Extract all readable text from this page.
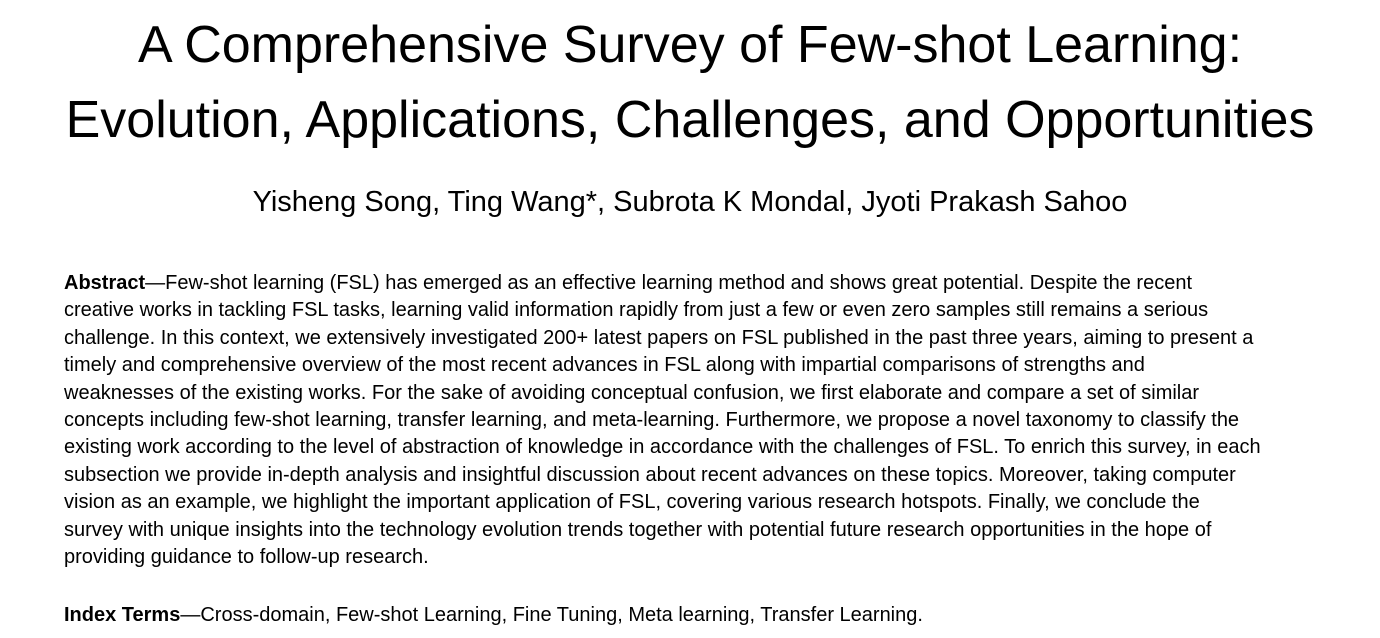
A Comprehensive Survey of Few-shot Learning:
Evolution, Applications, Challenges, and Opportunities
Yisheng Song, Ting Wang*, Subrota K Mondal, Jyoti Prakash Sahoo

Abstract—Few-shot learning (FSL) has emerged as an effective learning method and shows great potential. Despite the recent
creative works in tackling FSL tasks, learning valid information rapidly from just a few or even zero samples still remains a serious
challenge. In this context, we extensively investigated 200+ latest papers on FSL published in the past three years, aiming to present a
timely and comprehensive overview of the most recent advances in FSL along with impartial comparisons of strengths and
weaknesses of the existing works. For the sake of avoiding conceptual confusion, we first elaborate and compare a set of similar
concepts including few-shot learning, transfer learning, and meta-learning. Furthermore, we propose a novel taxonomy to classify the
existing work according to the level of abstraction of knowledge in accordance with the challenges of FSL. To enrich this survey, in each
subsection we provide in-depth analysis and insightful discussion about recent advances on these topics. Moreover, taking computer
vision as an example, we highlight the important application of FSL, covering various research hotspots. Finally, we conclude the
survey with unique insights into the technology evolution trends together with potential future research opportunities in the hope of
providing guidance to follow-up research.

Index Terms—Cross-domain, Few-shot Learning, Fine Tuning, Meta learning, Transfer Learning.
